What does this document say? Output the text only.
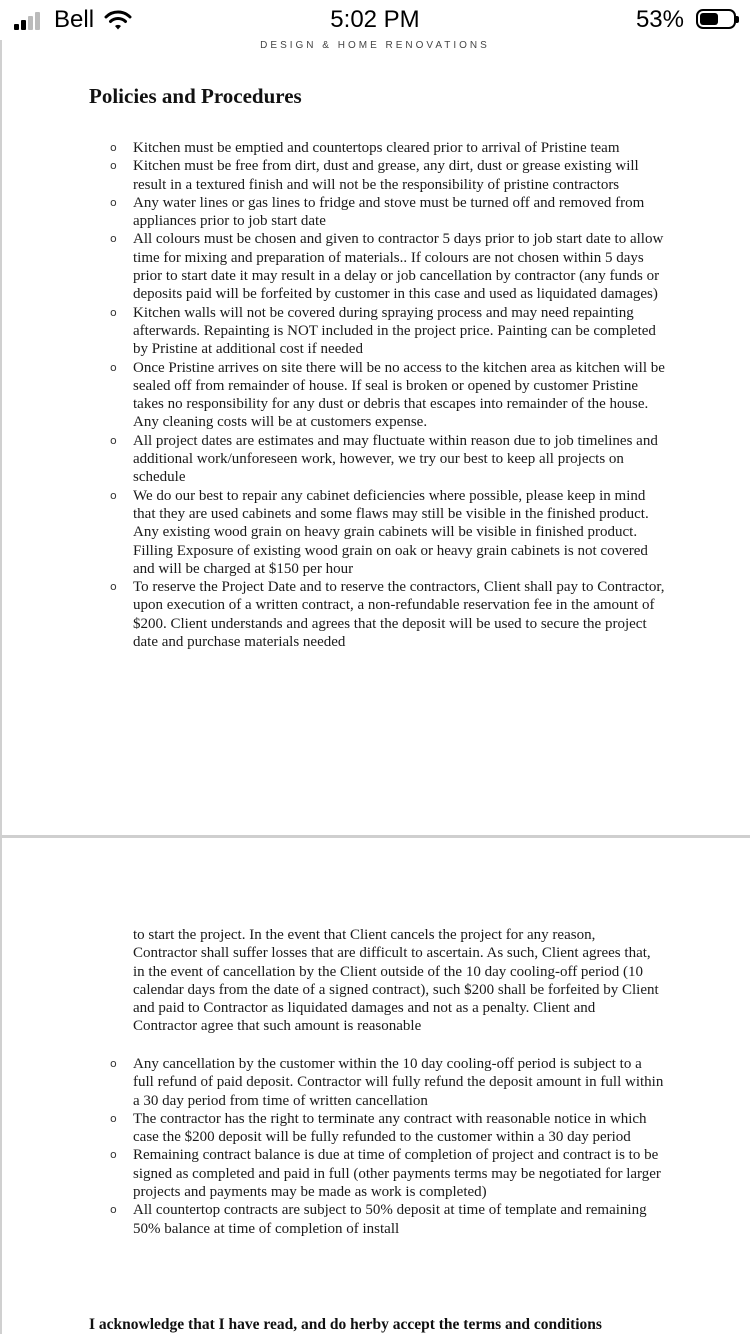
Bell	5:02 PM	53%
DESIGN & HOME RENOVATIONS
Policies and Procedures
o Kitchen must be emptied and countertops cleared prior to arrival of Pristine team
o Kitchen must be free from dirt, dust and grease, any dirt, dust or grease existing will result in a textured finish and will not be the responsibility of pristine contractors
o Any water lines or gas lines to fridge and stove must be turned off and removed from appliances prior to job start date
o All colours must be chosen and given to contractor 5 days prior to job start date to allow time for mixing and preparation of materials.. If colours are not chosen within 5 days prior to start date it may result in a delay or job cancellation by contractor (any funds or deposits paid will be forfeited by customer in this case and used as liquidated damages)
o Kitchen walls will not be covered during spraying process and may need repainting afterwards. Repainting is NOT included in the project price. Painting can be completed by Pristine at additional cost if needed
o Once Pristine arrives on site there will be no access to the kitchen area as kitchen will be sealed off from remainder of house. If seal is broken or opened by customer Pristine takes no responsibility for any dust or debris that escapes into remainder of the house. Any cleaning costs will be at customers expense.
o All project dates are estimates and may fluctuate within reason due to job timelines and additional work/unforeseen work, however, we try our best to keep all projects on schedule
o We do our best to repair any cabinet deficiencies where possible, please keep in mind that they are used cabinets and some flaws may still be visible in the finished product. Any existing wood grain on heavy grain cabinets will be visible in finished product. Filling Exposure of existing wood grain on oak or heavy grain cabinets is not covered and will be charged at $150 per hour
o To reserve the Project Date and to reserve the contractors, Client shall pay to Contractor, upon execution of a written contract, a non-refundable reservation fee in the amount of $200. Client understands and agrees that the deposit will be used to secure the project date and purchase materials needed
to start the project. In the event that Client cancels the project for any reason, Contractor shall suffer losses that are difficult to ascertain. As such, Client agrees that, in the event of cancellation by the Client outside of the 10 day cooling-off period (10 calendar days from the date of a signed contract), such $200 shall be forfeited by Client and paid to Contractor as liquidated damages and not as a penalty. Client and Contractor agree that such amount is reasonable
o Any cancellation by the customer within the 10 day cooling-off period is subject to a full refund of paid deposit. Contractor will fully refund the deposit amount in full within a 30 day period from time of written cancellation
o The contractor has the right to terminate any contract with reasonable notice in which case the $200 deposit will be fully refunded to the customer within a 30 day period
o Remaining contract balance is due at time of completion of project and contract is to be signed as completed and paid in full (other payments terms may be negotiated for larger projects and payments may be made as work is completed)
o All countertop contracts are subject to 50% deposit at time of template and remaining 50% balance at time of completion of install

I acknowledge that I have read, and do herby accept the terms and conditions
